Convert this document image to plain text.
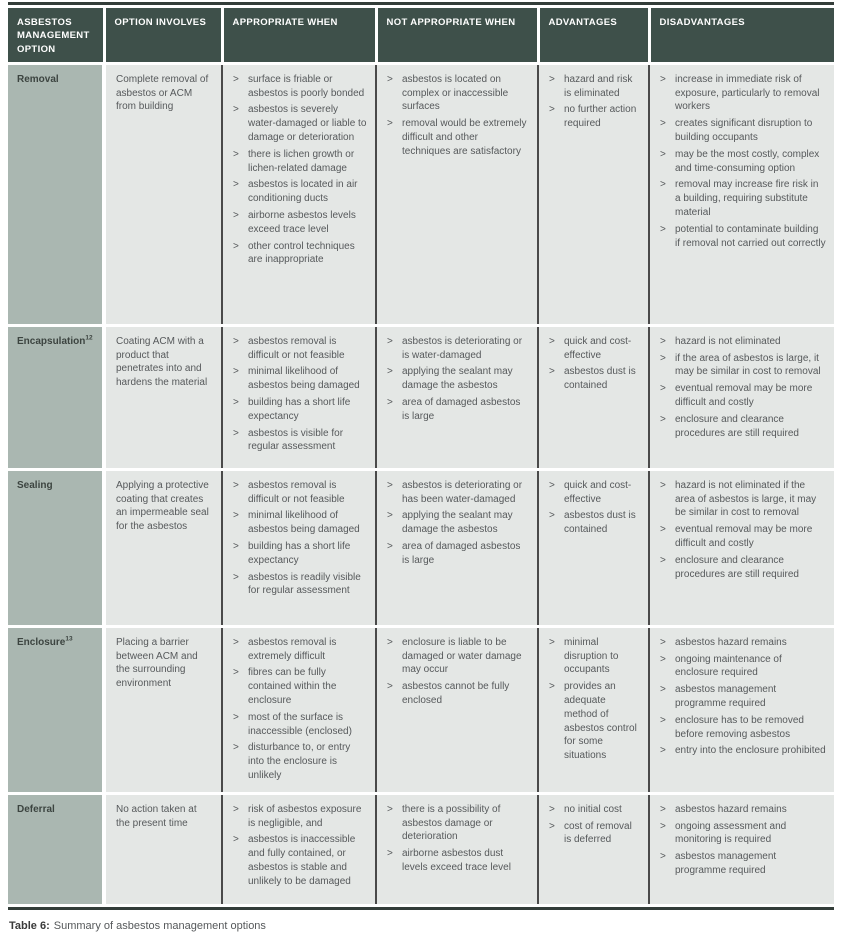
ASBESTOS MANAGEMENT OPTION	OPTION INVOLVES	APPROPRIATE WHEN	NOT APPROPRIATE WHEN	ADVANTAGES	DISADVANTAGES
Removal	Complete removal of asbestos or ACM from building	
> surface is friable or asbestos is poorly bonded
> asbestos is severely water-damaged or liable to damage or deterioration
> there is lichen growth or lichen-related damage
> asbestos is located in air conditioning ducts
> airborne asbestos levels exceed trace level
> other control techniques are inappropriate

> asbestos is located on complex or inaccessible surfaces
> removal would be extremely difficult and other techniques are satisfactory

> hazard and risk is eliminated
> no further action required

> increase in immediate risk of exposure, particularly to removal workers
> creates significant disruption to building occupants
> may be the most costly, complex and time-consuming option
> removal may increase fire risk in a building, requiring substitute material
> potential to contaminate building if removal not carried out correctly

Encapsulation$^{12}$	Coating ACM with a product that penetrates into and hardens the material	
> asbestos removal is difficult or not feasible
> minimal likelihood of asbestos being damaged
> building has a short life expectancy
> asbestos is visible for regular assessment

> asbestos is deteriorating or is water-damaged
> applying the sealant may damage the asbestos
> area of damaged asbestos is large

> quick and cost-effective
> asbestos dust is contained

> hazard is not eliminated
> if the area of asbestos is large, it may be similar in cost to removal
> eventual removal may be more difficult and costly
> enclosure and clearance procedures are still required

Sealing	Applying a protective coating that creates an impermeable seal for the asbestos	
> asbestos removal is difficult or not feasible
> minimal likelihood of asbestos being damaged
> building has a short life expectancy
> asbestos is readily visible for regular assessment

> asbestos is deteriorating or has been water-damaged
> applying the sealant may damage the asbestos
> area of damaged asbestos is large

> quick and cost-effective
> asbestos dust is contained

> hazard is not eliminated if the area of asbestos is large, it may be similar in cost to removal
> eventual removal may be more difficult and costly
> enclosure and clearance procedures are still required

Enclosure$^{13}$	Placing a barrier between ACM and the surrounding environment	
> asbestos removal is extremely difficult
> fibres can be fully contained within the enclosure
> most of the surface is inaccessible (enclosed)
> disturbance to, or entry into the enclosure is unlikely

> enclosure is liable to be damaged or water damage may occur
> asbestos cannot be fully enclosed

> minimal disruption to occupants
> provides an adequate method of asbestos control for some situations

> asbestos hazard remains
> ongoing maintenance of enclosure required
> asbestos management programme required
> enclosure has to be removed before removing asbestos
> entry into the enclosure prohibited

Deferral	No action taken at the present time	
> risk of asbestos exposure is negligible, and
> asbestos is inaccessible and fully contained, or asbestos is stable and unlikely to be damaged

> there is a possibility of asbestos damage or deterioration
> airborne asbestos dust levels exceed trace level

> no initial cost
> cost of removal is deferred

> asbestos hazard remains
> ongoing assessment and monitoring is required
> asbestos management programme required

Table 6: Summary of asbestos management options
